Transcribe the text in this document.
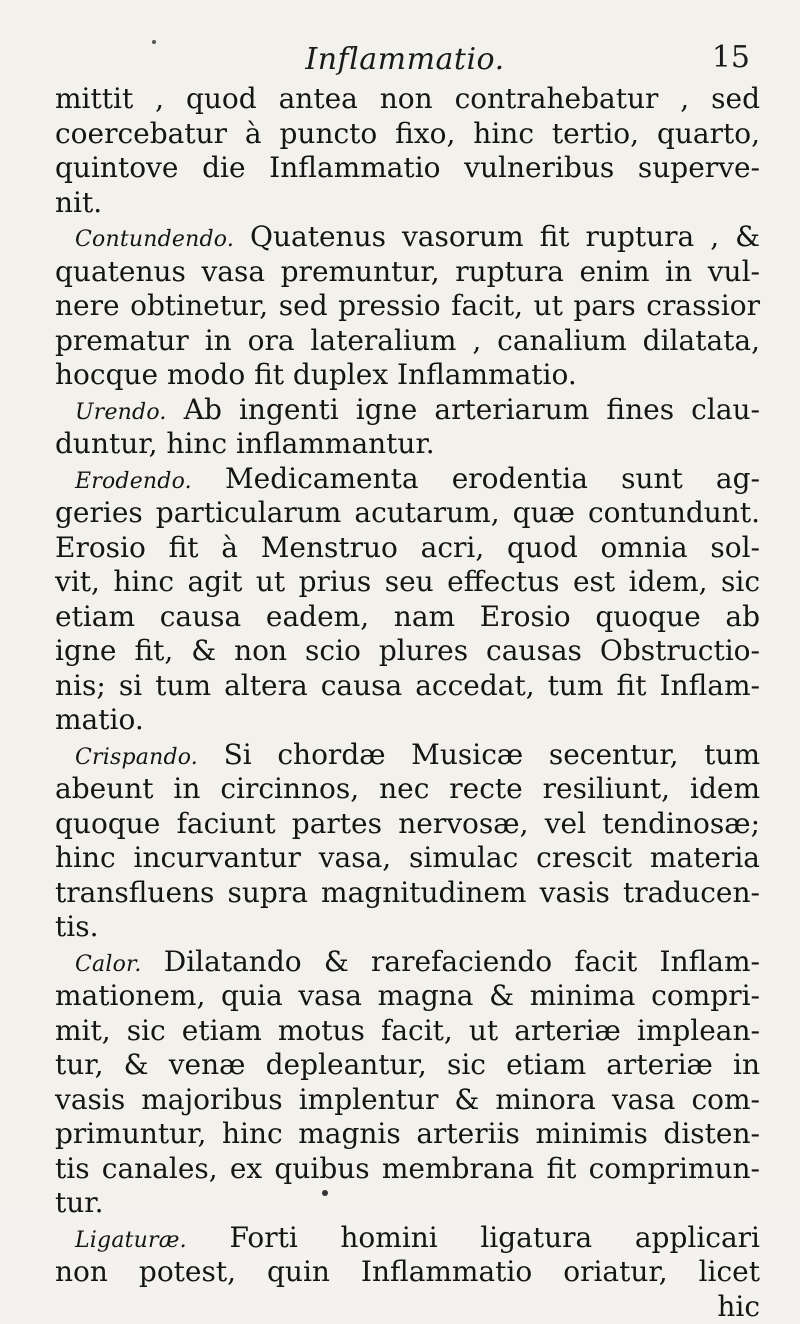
Inflammatio.	15
mittit , quod antea non contrahebatur , sed
coercebatur à puncto fixo, hinc tertio, quarto,
quintove die Inflammatio vulneribus superve-
nit.
Contundendo. Quatenus vasorum fit ruptura , &
quatenus vasa premuntur, ruptura enim in vul-
nere obtinetur, sed pressio facit, ut pars crassior
prematur in ora lateralium , canalium dilatata,
hocque modo fit duplex Inflammatio.
Urendo. Ab ingenti igne arteriarum fines clau-
duntur, hinc inflammantur.
Erodendo. Medicamenta erodentia sunt ag-
geries particularum acutarum, quæ contundunt.
Erosio fit à Menstruo acri, quod omnia sol-
vit, hinc agit ut prius seu effectus est idem, sic
etiam causa eadem, nam Erosio quoque ab
igne fit, & non scio plures causas Obstructio-
nis; si tum altera causa accedat, tum fit Inflam-
matio.
Crispando. Si chordæ Musicæ secentur, tum
abeunt in circinnos, nec recte resiliunt, idem
quoque faciunt partes nervosæ, vel tendinosæ;
hinc incurvantur vasa, simulac crescit materia
transfluens supra magnitudinem vasis traducen-
tis.
Calor. Dilatando & rarefaciendo facit Inflam-
mationem, quia vasa magna & minima compri-
mit, sic etiam motus facit, ut arteriæ implean-
tur, & venæ depleantur, sic etiam arteriæ in
vasis majoribus implentur & minora vasa com-
primuntur, hinc magnis arteriis minimis disten-
tis canales, ex quibus membrana fit comprimun-
tur.
Ligaturæ. Forti homini ligatura applicari
non potest, quin Inflammatio oriatur, licet
hic
